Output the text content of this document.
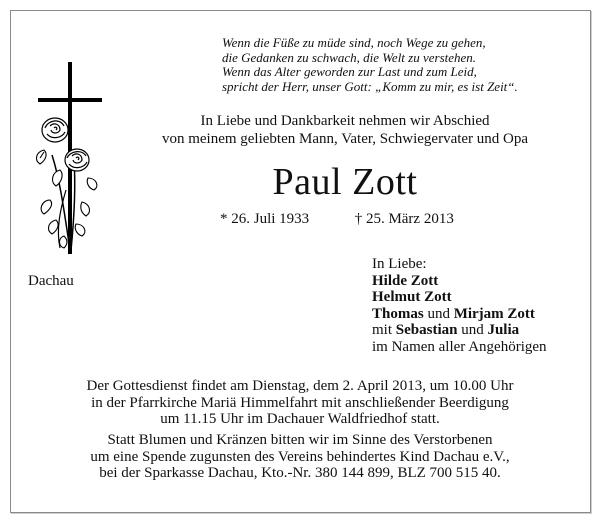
Wenn die Füße zu müde sind, noch Wege zu gehen,
die Gedanken zu schwach, die Welt zu verstehen.
Wenn das Alter geworden zur Last und zum Leid,
spricht der Herr, unser Gott: „Komm zu mir, es ist Zeit“.
In Liebe und Dankbarkeit nehmen wir Abschied
von meinem geliebten Mann, Vater, Schwiegervater und Opa
Paul Zott
* 26. Juli 1933	† 25. März 2013
Dachau
In Liebe:
Hilde Zott
Helmut Zott
Thomas und Mirjam Zott
mit Sebastian und Julia
im Namen aller Angehörigen
Der Gottesdienst findet am Dienstag, dem 2. April 2013, um 10.00 Uhr
in der Pfarrkirche Mariä Himmelfahrt mit anschließender Beerdigung
um 11.15 Uhr im Dachauer Waldfriedhof statt.
Statt Blumen und Kränzen bitten wir im Sinne des Verstorbenen
um eine Spende zugunsten des Vereins behindertes Kind Dachau e.V.,
bei der Sparkasse Dachau, Kto.-Nr. 380 144 899, BLZ 700 515 40.
